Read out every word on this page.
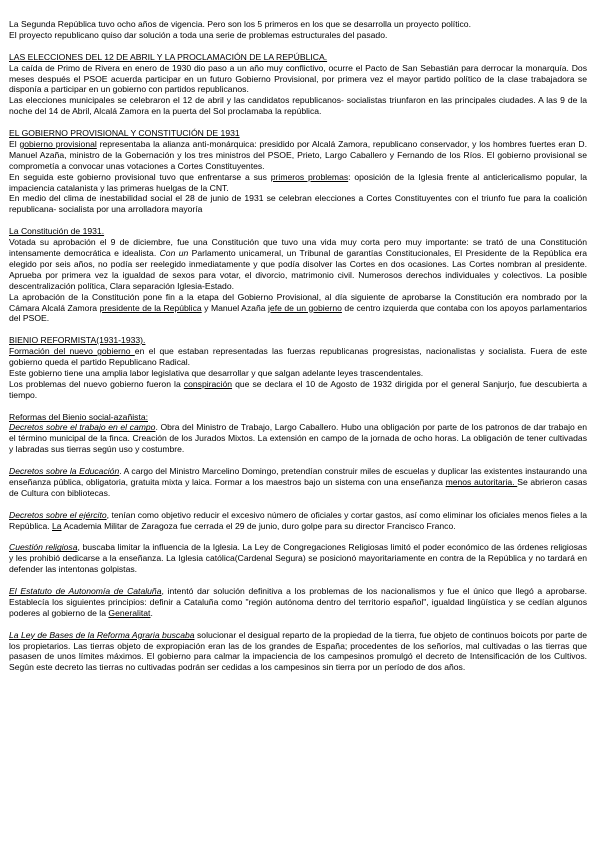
La Segunda República tuvo ocho años de vigencia. Pero son los 5 primeros en los que se desarrolla un proyecto político.

El proyecto republicano quiso dar solución a toda una serie de problemas estructurales del pasado.

LAS ELECCIONES DEL 12 DE ABRIL Y LA PROCLAMACIÓN DE LA REPÚBLICA.

La caída de Primo de Rivera en enero de 1930 dio paso a un año muy conflictivo, ocurre el Pacto de San Sebastián para derrocar la monarquía. Dos meses después el PSOE acuerda participar en un futuro Gobierno Provisional, por primera vez el mayor partido político de la clase trabajadora se disponía a participar en un gobierno con partidos republicanos.

Las elecciones municipales se celebraron el 12 de abril y las candidatos republicanos- socialistas triunfaron en las principales ciudades. A las 9 de la noche del 14 de Abril, Alcalá Zamora en la puerta del Sol proclamaba la república.

EL GOBIERNO PROVISIONAL Y CONSTITUCIÓN DE 1931

El gobierno provisional representaba la alianza anti-monárquica: presidido por Alcalá Zamora, republicano conservador, y los hombres fuertes eran D. Manuel Azaña, ministro de la Gobernación y los tres ministros del PSOE, Prieto, Largo Caballero y Fernando de los Ríos. El gobierno provisional se comprometía a convocar unas votaciones a Cortes Constituyentes.

En seguida este gobierno provisional tuvo que enfrentarse a sus primeros problemas: oposición de la Iglesia frente al anticlericalismo popular, la impaciencia catalanista y las primeras huelgas de la CNT.

En medio del clima de inestabilidad social el 28 de junio de 1931 se celebran elecciones a Cortes Constituyentes con el triunfo fue para la coalición republicana- socialista por una arrolladora mayoría

La Constitución de 1931.

Votada su aprobación el 9 de diciembre, fue una Constitución que tuvo una vida muy corta pero muy importante: se trató de una Constitución intensamente democrática e idealista. Con un Parlamento unicameral, un Tribunal de garantías Constitucionales, El Presidente de la República era elegido por seis años, no podía ser reelegido inmediatamente y que podía disolver las Cortes en dos ocasiones. Las Cortes nombran al presidente. Aprueba por primera vez la igualdad de sexos para votar, el divorcio, matrimonio civil. Numerosos derechos individuales y colectivos. La posible descentralización política, Clara separación Iglesia-Estado.

La aprobación de la Constitución pone fin a la etapa del Gobierno Provisional, al día siguiente de aprobarse la Constitución era nombrado por la Cámara Alcalá Zamora presidente de la República y Manuel Azaña jefe de un gobierno de centro izquierda que contaba con los apoyos parlamentarios del PSOE.

BIENIO REFORMISTA(1931-1933).

Formación del nuevo gobierno en el que estaban representadas las fuerzas republicanas progresistas, nacionalistas y socialista. Fuera de este gobierno queda el partido Republicano Radical.

Este gobierno tiene una amplia labor legislativa que desarrollar y que salgan adelante leyes trascendentales.

Los problemas del nuevo gobierno fueron la conspiración que se declara el 10 de Agosto de 1932 dirigida por el general Sanjurjo, fue descubierta a tiempo.

Reformas del Bienio social-azañista:

Decretos sobre el trabajo en el campo. Obra del Ministro de Trabajo, Largo Caballero. Hubo una obligación por parte de los patronos de dar trabajo en el término municipal de la finca. Creación de los Jurados Mixtos. La extensión en campo de la jornada de ocho horas. La obligación de tener cultivadas y labradas sus tierras según uso y costumbre.

Decretos sobre la Educación. A cargo del Ministro Marcelino Domingo, pretendían construir miles de escuelas y duplicar las existentes instaurando una enseñanza pública, obligatoria, gratuita mixta y laica. Formar a los maestros bajo un sistema con una enseñanza menos autoritaria. Se abrieron casas de Cultura con bibliotecas.

Decretos sobre el ejército, tenían como objetivo reducir el excesivo número de oficiales y cortar gastos, así como eliminar los oficiales menos fieles a la República. La Academia Militar de Zaragoza fue cerrada el 29 de junio, duro golpe para su director Francisco Franco.

Cuestión religiosa, buscaba limitar la influencia de la Iglesia. La Ley de Congregaciones Religiosas limitó el poder económico de las órdenes religiosas y les prohibió dedicarse a la enseñanza. La Iglesia católica(Cardenal Segura) se posicionó mayoritariamente en contra de la República y no tardará en defender las intentonas golpistas.

El Estatuto de Autonomía de Cataluña, intentó dar solución definitiva a los problemas de los nacionalismos y fue el único que llegó a aprobarse. Establecía los siguientes principios: definir a Cataluña como "región autónoma dentro del territorio español", igualdad lingüística y se cedían algunos poderes al gobierno de la Generalitat.

La Ley de Bases de la Reforma Agraria buscaba solucionar el desigual reparto de la propiedad de la tierra, fue objeto de continuos boicots por parte de los propietarios. Las tierras objeto de expropiación eran las de los grandes de España; procedentes de los señoríos, mal cultivadas o las tierras que pasasen de unos límites máximos. El gobierno para calmar la impaciencia de los campesinos promulgó el decreto de Intensificación de los Cultivos. Según este decreto las tierras no cultivadas podrán ser cedidas a los campesinos sin tierra por un período de dos años.
